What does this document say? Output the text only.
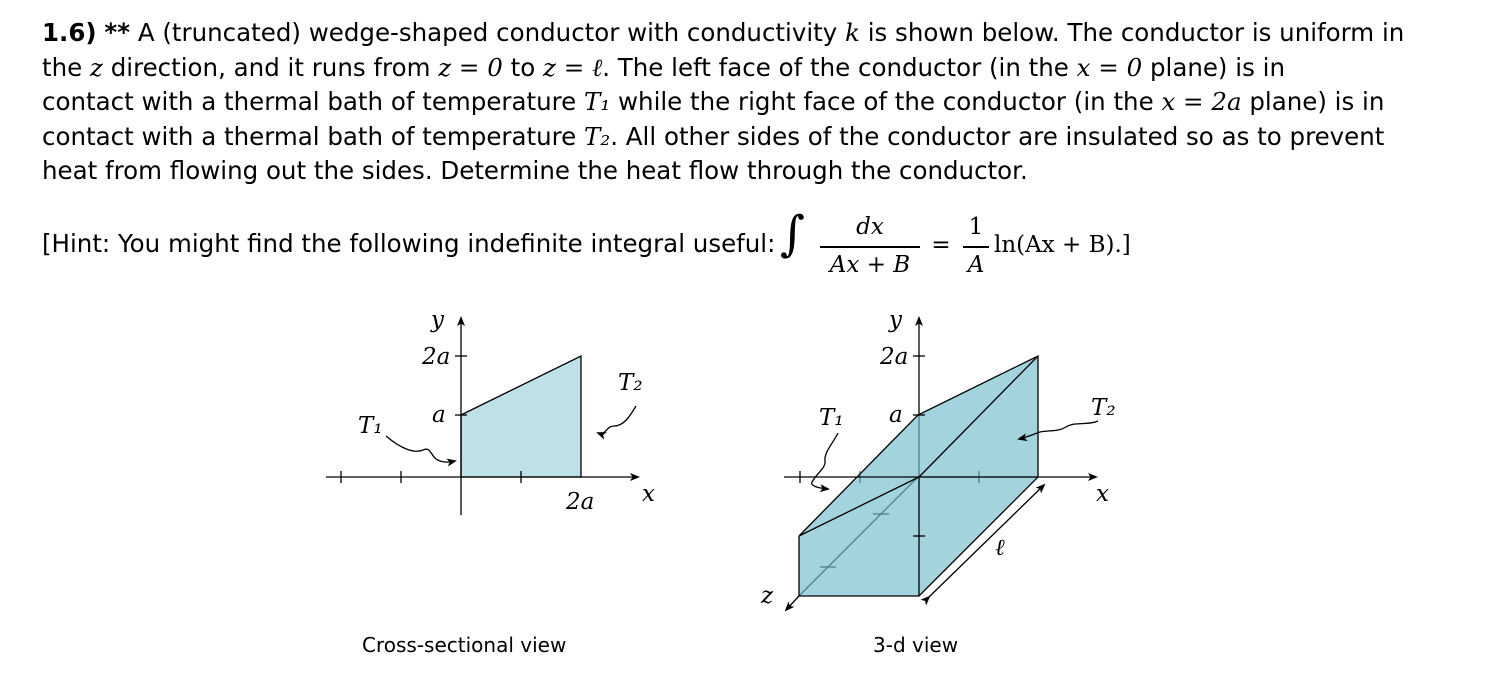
1.6) ** A (truncated) wedge-shaped conductor with conductivity k is shown below. The conductor is uniform in

the z direction, and it runs from z = 0 to z = ℓ. The left face of the conductor (in the x = 0 plane) is in

contact with a thermal bath of temperature T₁ while the right face of the conductor (in the x = 2a plane) is in

contact with a thermal bath of temperature T₂. All other sides of the conductor are insulated so as to prevent

heat from flowing out the sides. Determine the heat flow through the conductor.

[Hint: You might find the following indefinite integral useful: ∫	dx
Ax + B
=
1
A
ln(Ax + B).]
y
2a
a
2a x
T₁
T₂
y
2a
a
x
z
ℓ
T₁	T₂
Cross-sectional view	3-d view
